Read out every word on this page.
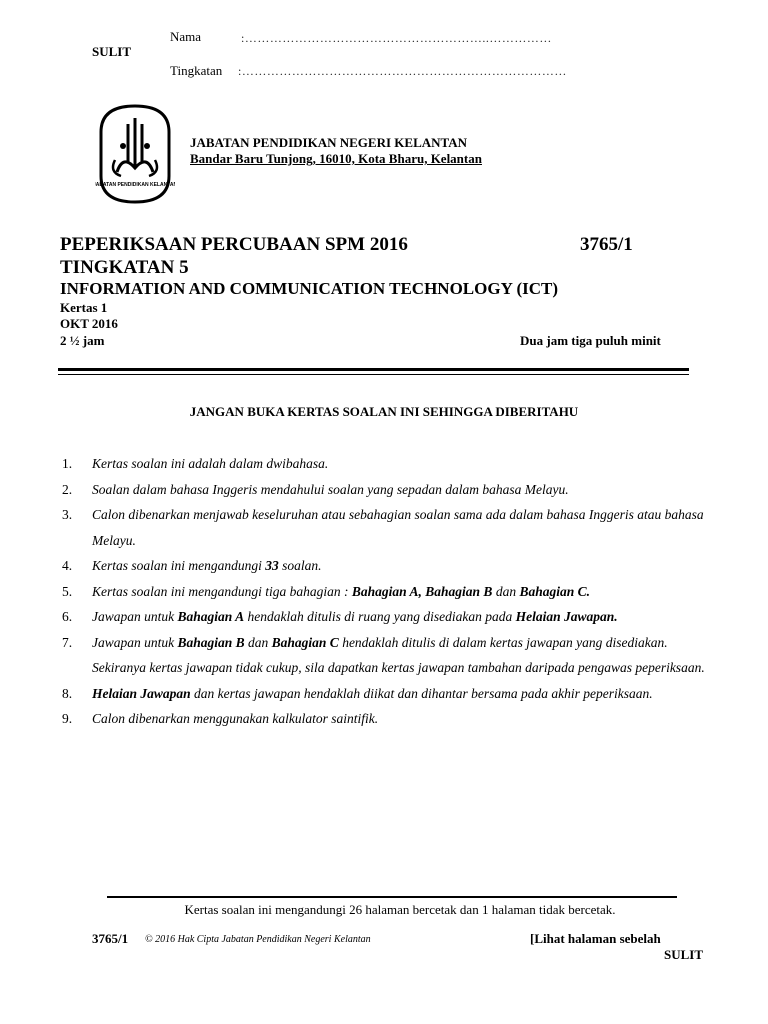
Nama	:…………………………………………………..……………
SULIT
Tingkatan :……………………………………………………………………
JABATAN PENDIDIKAN KELANTAN
JABATAN PENDIDIKAN NEGERI KELANTAN
Bandar Baru Tunjong, 16010, Kota Bharu, Kelantan
PEPERIKSAAN PERCUBAAN SPM 2016	3765/1
TINGKATAN 5
INFORMATION AND COMMUNICATION TECHNOLOGY (ICT)
Kertas 1
OKT 2016
2 ½ jam	Dua jam tiga puluh minit
JANGAN BUKA KERTAS SOALAN INI SEHINGGA DIBERITAHU
1.	Kertas soalan ini adalah dalam dwibahasa.
2.	Soalan dalam bahasa Inggeris mendahului soalan yang sepadan dalam bahasa Melayu.
3.	Calon dibenarkan menjawab keseluruhan atau sebahagian soalan sama ada dalam bahasa Inggeris atau bahasa Melayu.
4.	Kertas soalan ini mengandungi 33 soalan.
5.	Kertas soalan ini mengandungi tiga bahagian : Bahagian A, Bahagian B dan Bahagian C.
6.	Jawapan untuk Bahagian A hendaklah ditulis di ruang yang disediakan pada Helaian Jawapan.
7.	Jawapan untuk Bahagian B dan Bahagian C hendaklah ditulis di dalam kertas jawapan yang disediakan. Sekiranya kertas jawapan tidak cukup, sila dapatkan kertas jawapan tambahan daripada pengawas peperiksaan.
8.	Helaian Jawapan dan kertas jawapan hendaklah diikat dan dihantar bersama pada akhir peperiksaan.
9.	Calon dibenarkan menggunakan kalkulator saintifik.
Kertas soalan ini mengandungi 26 halaman bercetak dan 1 halaman tidak bercetak.
3765/1 © 2016 Hak Cipta Jabatan Pendidikan Negeri Kelantan	[Lihat halaman sebelah
SULIT
